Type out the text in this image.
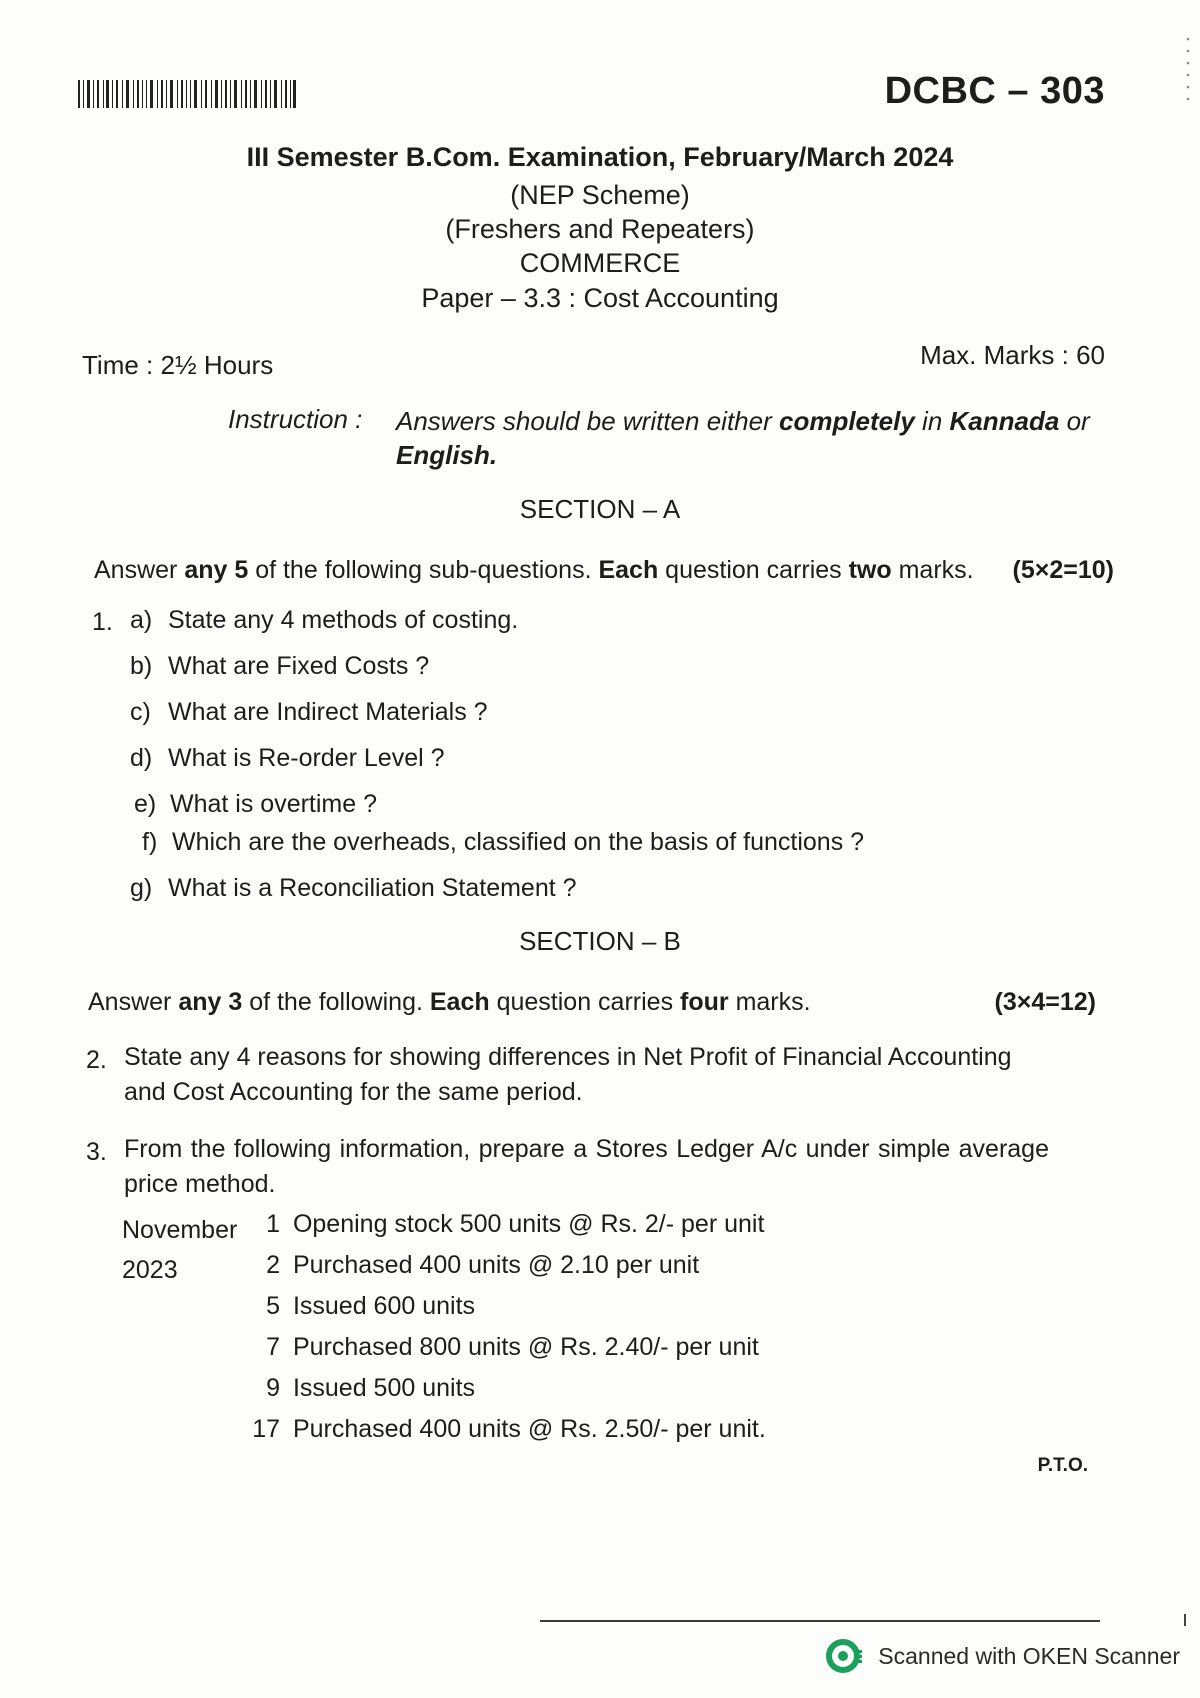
DCBC – 303
III Semester B.Com. Examination, February/March 2024
(NEP Scheme)
(Freshers and Repeaters)
COMMERCE
Paper – 3.3 : Cost Accounting
Time : 2½ Hours	Max. Marks : 60
Instruction : Answers should be written either completely in Kannada or English.
SECTION – A
Answer any 5 of the following sub-questions. Each question carries two marks. (5×2=10)
1. a) State any 4 methods of costing.
b) What are Fixed Costs ?
c) What are Indirect Materials ?
d) What is Re-order Level ?
e) What is overtime ?
f) Which are the overheads, classified on the basis of functions ?
g) What is a Reconciliation Statement ?
SECTION – B
Answer any 3 of the following. Each question carries four marks.	(3×4=12)
2. State any 4 reasons for showing differences in Net Profit of Financial Accounting and Cost Accounting for the same period.
3. From the following information, prepare a Stores Ledger A/c under simple average price method.
November
2023
1 Opening stock 500 units @ Rs. 2/- per unit
2 Purchased 400 units @ 2.10 per unit
5 Issued 600 units
7 Purchased 800 units @ Rs. 2.40/- per unit
9 Issued 500 units
17 Purchased 400 units @ Rs. 2.50/- per unit.
P.T.O.
Scanned with OKEN Scanner
